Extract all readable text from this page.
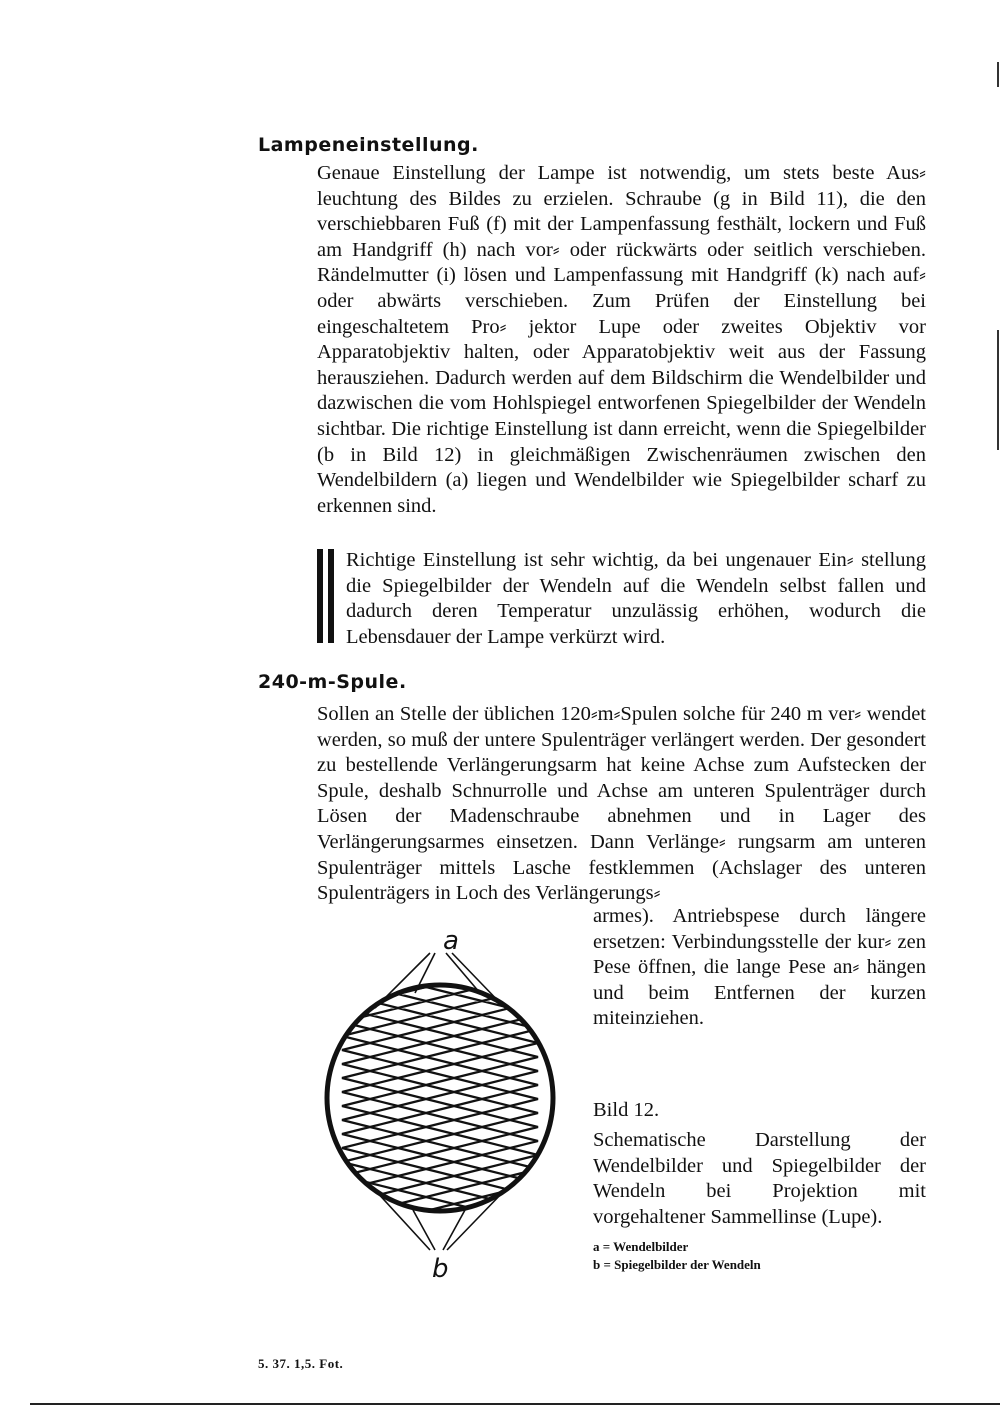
Lampeneinstellung.

Genaue Einstellung der Lampe ist notwendig, um stets beste Aus⸗ leuchtung des Bildes zu erzielen. Schraube (g in Bild 11), die den verschiebbaren Fuß (f) mit der Lampenfassung festhält, lockern und Fuß am Handgriff (h) nach vor⸗ oder rückwärts oder seitlich verschieben. Rändelmutter (i) lösen und Lampenfassung mit Handgriff (k) nach auf⸗ oder abwärts verschieben. Zum Prüfen der Einstellung bei eingeschaltetem Pro⸗ jektor Lupe oder zweites Objektiv vor Apparatobjektiv halten, oder Apparatobjektiv weit aus der Fassung herausziehen. Dadurch werden auf dem Bildschirm die Wendelbilder und dazwischen die vom Hohlspiegel entworfenen Spiegelbilder der Wendeln sichtbar. Die richtige Einstellung ist dann erreicht, wenn die Spiegelbilder (b in Bild 12) in gleichmäßigen Zwischenräumen zwischen den Wendelbildern (a) liegen und Wendelbilder wie Spiegelbilder scharf zu erkennen sind.

Richtige Einstellung ist sehr wichtig, da bei ungenauer Ein⸗ stellung die Spiegelbilder der Wendeln auf die Wendeln selbst fallen und dadurch deren Temperatur unzulässig erhöhen, wodurch die Lebensdauer der Lampe verkürzt wird.

240-m-Spule.

Sollen an Stelle der üblichen 120⸗m⸗Spulen solche für 240 m ver⸗ wendet werden, so muß der untere Spulenträger verlängert werden. Der gesondert zu bestellende Verlängerungsarm hat keine Achse zum Aufstecken der Spule, deshalb Schnurrolle und Achse am unteren Spulenträger durch Lösen der Madenschraube abnehmen und in Lager des Verlängerungsarmes einsetzen. Dann Verlänge⸗ rungsarm am unteren Spulenträger mittels Lasche festklemmen (Achslager des unteren Spulenträgers in Loch des Verlängerungs⸗

armes). Antriebspese durch längere ersetzen: Verbindungsstelle der kur⸗ zen Pese öffnen, die lange Pese an⸗ hängen und beim Entfernen der kurzen miteinziehen.

a
b

Bild 12.

Schematische Darstellung der Wendelbilder und Spiegelbilder der Wendeln bei Projektion mit vorgehaltener Sammellinse (Lupe).

a = Wendelbilder

b = Spiegelbilder der Wendeln

5. 37. 1,5. Fot.
